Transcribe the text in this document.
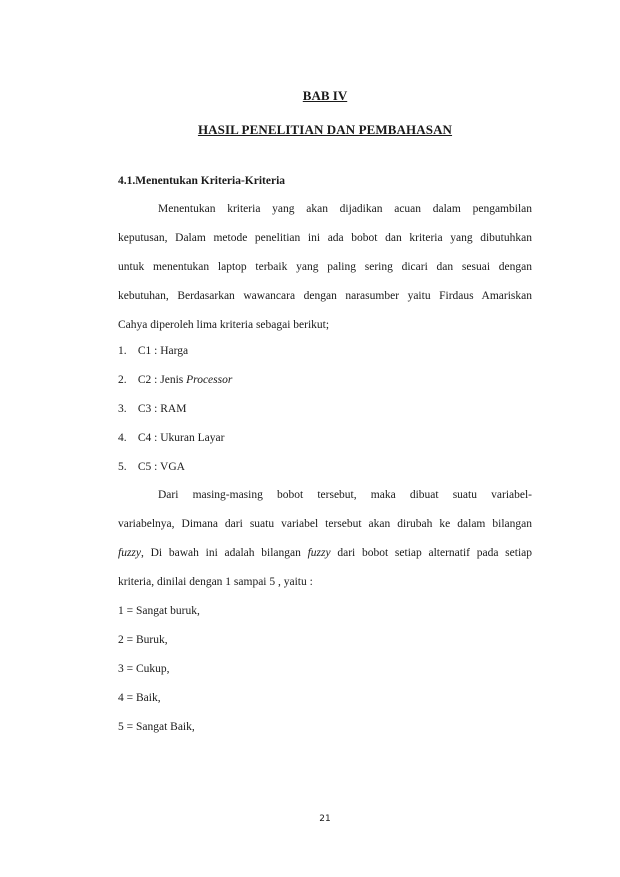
BAB IV
HASIL PENELITIAN DAN PEMBAHASAN
4.1.Menentukan Kriteria-Kriteria
Menentukan kriteria yang akan dijadikan acuan dalam pengambilan
keputusan, Dalam metode penelitian ini ada bobot dan kriteria yang dibutuhkan
untuk menentukan laptop terbaik yang paling sering dicari dan sesuai dengan
kebutuhan, Berdasarkan wawancara dengan narasumber yaitu Firdaus Amariskan
Cahya diperoleh lima kriteria sebagai berikut;
1. C1 : Harga
2. C2 : Jenis Processor
3. C3 : RAM
4. C4 : Ukuran Layar
5. C5 : VGA
Dari masing-masing bobot tersebut, maka dibuat suatu variabel-
variabelnya, Dimana dari suatu variabel tersebut akan dirubah ke dalam bilangan
fuzzy, Di bawah ini adalah bilangan fuzzy dari bobot setiap alternatif pada setiap
kriteria, dinilai dengan 1 sampai 5 , yaitu :
1 = Sangat buruk,
2 = Buruk,
3 = Cukup,
4 = Baik,
5 = Sangat Baik,

21
